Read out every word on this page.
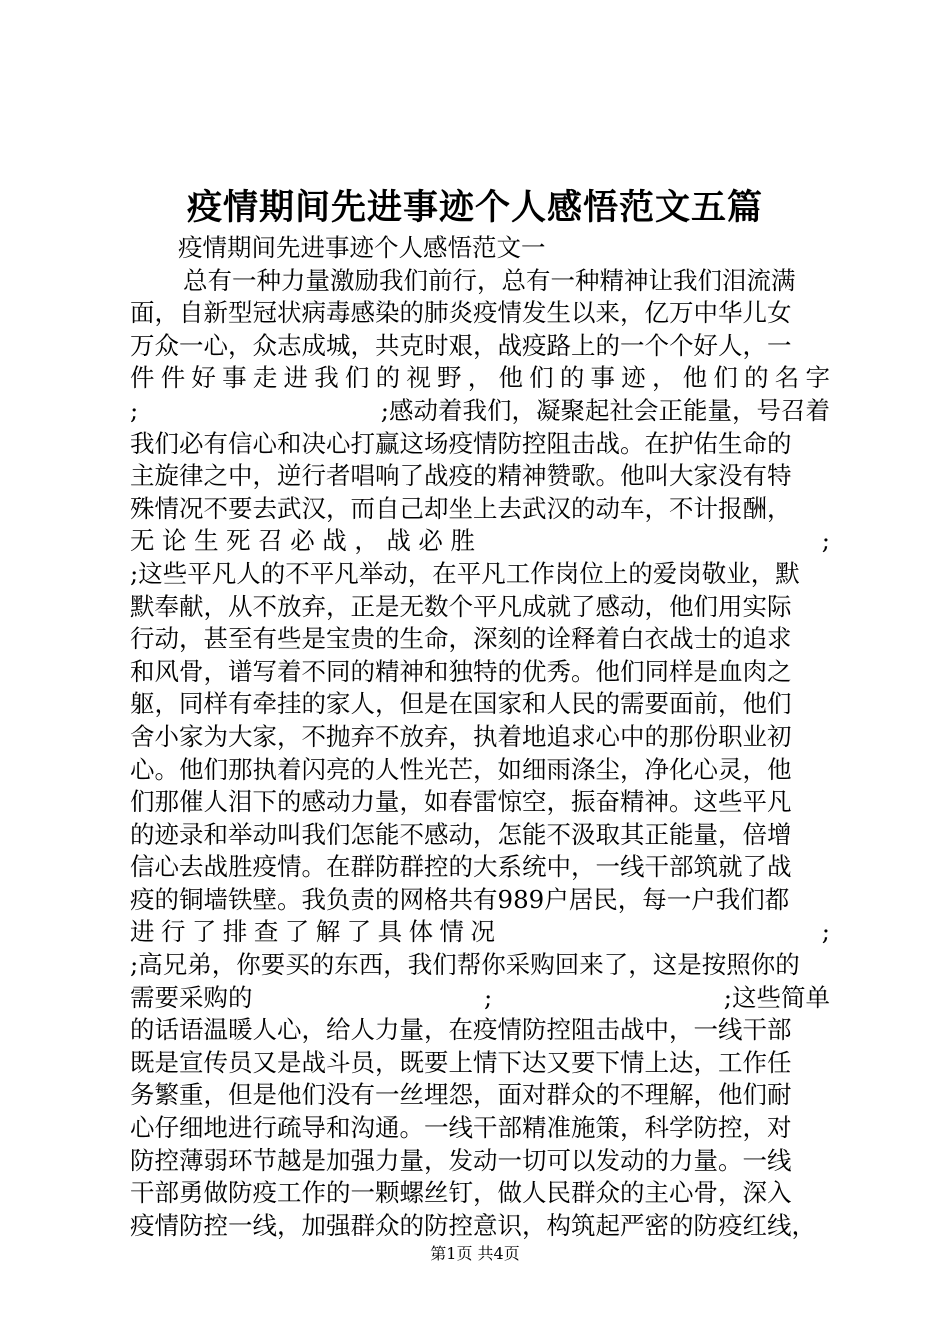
疫情期间先进事迹个人感悟范文五篇
疫情期间先进事迹个人感悟范文一
总有一种力量激励我们前行，总有一种精神让我们泪流满
面，自新型冠状病毒感染的肺炎疫情发生以来，亿万中华儿女
万众一心，众志成城，共克时艰，战疫路上的一个个好人，一
件 件 好 事 走 进 我 们 的 视 野 ， 他 们 的 事 迹 ， 他 们 的 名 字
;	;感动着我们，凝聚起社会正能量，号召着
我们必有信心和决心打赢这场疫情防控阻击战。在护佑生命的
主旋律之中，逆行者唱响了战疫的精神赞歌。他叫大家没有特
殊情况不要去武汉，而自己却坐上去武汉的动车，不计报酬，
无 论 生 死 召 必 战 ， 战 必 胜	;
;这些平凡人的不平凡举动，在平凡工作岗位上的爱岗敬业，默
默奉献，从不放弃，正是无数个平凡成就了感动，他们用实际
行动，甚至有些是宝贵的生命，深刻的诠释着白衣战士的追求
和风骨，谱写着不同的精神和独特的优秀。他们同样是血肉之
躯，同样有牵挂的家人，但是在国家和人民的需要面前，他们
舍小家为大家，不抛弃不放弃，执着地追求心中的那份职业初
心。他们那执着闪亮的人性光芒，如细雨涤尘，净化心灵，他
们那催人泪下的感动力量，如春雷惊空，振奋精神。这些平凡
的迹录和举动叫我们怎能不感动，怎能不汲取其正能量，倍增
信心去战胜疫情。在群防群控的大系统中，一线干部筑就了战
疫的铜墙铁壁。我负责的网格共有989户居民，每一户我们都
进 行 了 排 查 了 解 了 具 体 情 况	;
;高兄弟，你要买的东西，我们帮你采购回来了，这是按照你的
需要采购的	;	;这些简单
的话语温暖人心，给人力量，在疫情防控阻击战中，一线干部
既是宣传员又是战斗员，既要上情下达又要下情上达，工作任
务繁重，但是他们没有一丝埋怨，面对群众的不理解，他们耐
心仔细地进行疏导和沟通。一线干部精准施策，科学防控，对
防控薄弱环节越是加强力量，发动一切可以发动的力量。一线
干部勇做防疫工作的一颗螺丝钉，做人民群众的主心骨，深入
疫情防控一线，加强群众的防控意识，构筑起严密的防疫红线，
第1页 共4页
